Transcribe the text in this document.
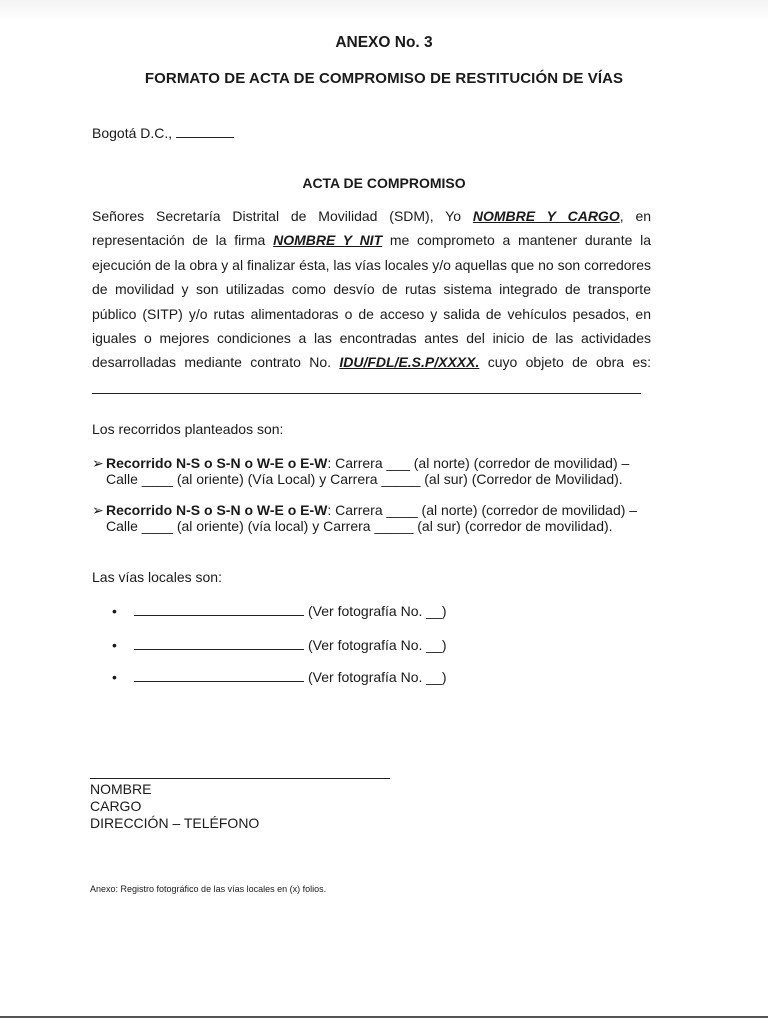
ANEXO No. 3
FORMATO DE ACTA DE COMPROMISO DE RESTITUCIÓN DE VÍAS
Bogotá D.C.,
ACTA DE COMPROMISO
Señores Secretaría Distrital de Movilidad (SDM), Yo NOMBRE Y CARGO, en
representación de la firma NOMBRE Y NIT me comprometo a mantener durante la
ejecución de la obra y al finalizar ésta, las vías locales y/o aquellas que no son corredores
de movilidad y son utilizadas como desvío de rutas sistema integrado de transporte
público (SITP) y/o rutas alimentadoras o de acceso y salida de vehículos pesados, en
iguales o mejores condiciones a las encontradas antes del inicio de las actividades
desarrolladas mediante contrato No. IDU/FDL/E.S.P/XXXX. cuyo objeto de obra es:
Los recorridos planteados son:
➢ Recorrido N-S o S-N o W-E o E-W: Carrera ___ (al norte) (corredor de movilidad) –
Calle ____ (al oriente) (Vía Local) y Carrera _____ (al sur) (Corredor de Movilidad).
➢ Recorrido N-S o S-N o W-E o E-W: Carrera ____ (al norte) (corredor de movilidad) –
Calle ____ (al oriente) (vía local) y Carrera _____ (al sur) (corredor de movilidad).
Las vías locales son:
•	(Ver fotografía No. __)
•	(Ver fotografía No. __)
•	(Ver fotografía No. __)
NOMBRE
CARGO
DIRECCIÓN – TELÉFONO
Anexo: Registro fotográfico de las vías locales en (x) folios.
